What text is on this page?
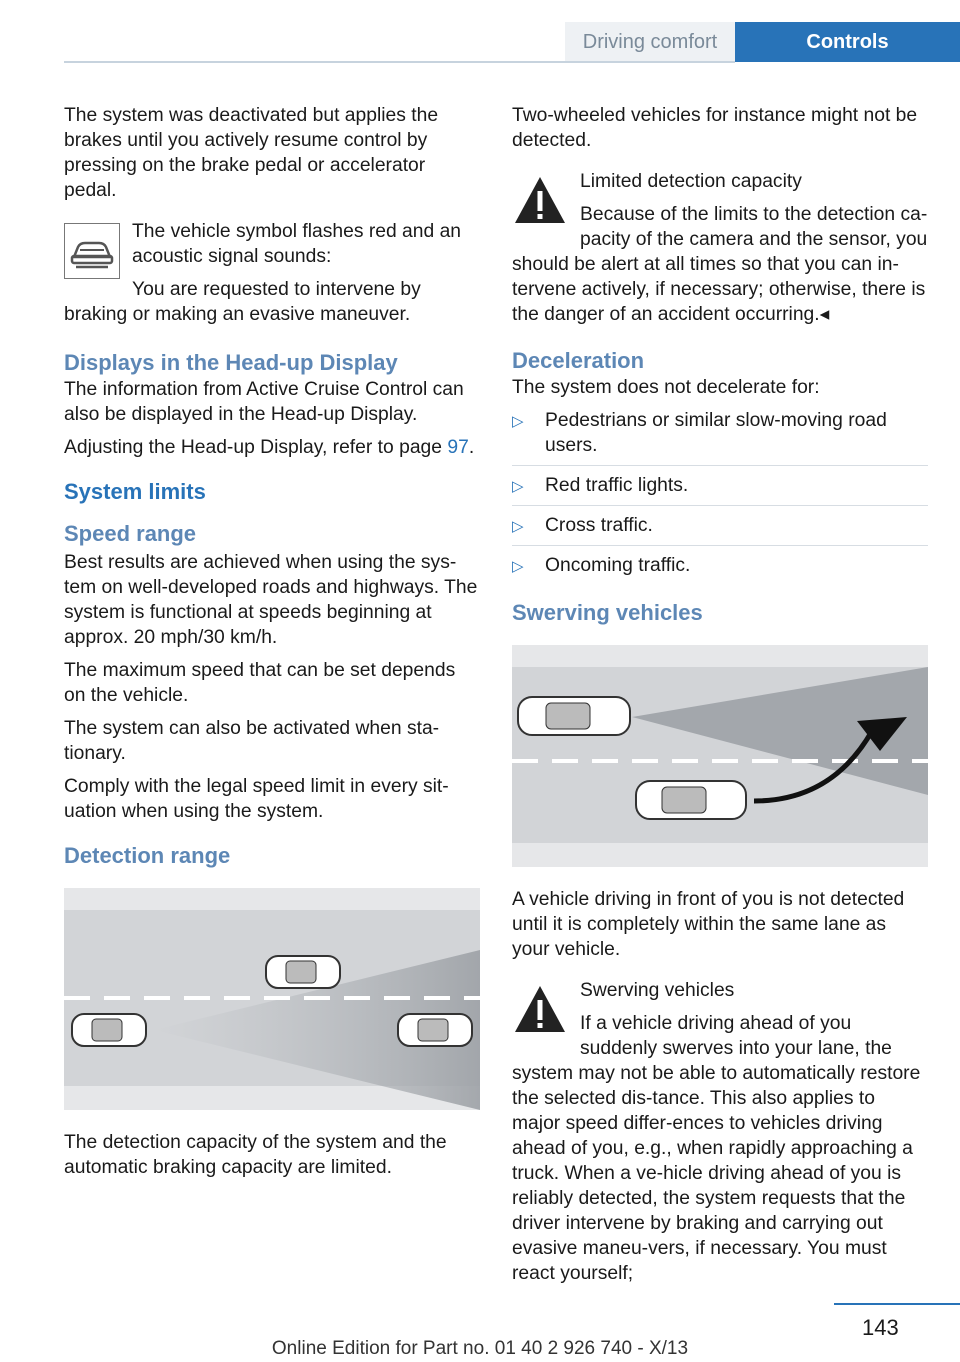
Driving comfort	Controls

The system was deactivated but applies the brakes until you actively resume control by pressing on the brake pedal or accelerator pedal.

The vehicle symbol flashes red and an acoustic signal sounds:

You are requested to intervene by braking or making an evasive maneuver.

Displays in the Head-up Display

The information from Active Cruise Control can also be displayed in the Head-up Display.

Adjusting the Head-up Display, refer to page 97.

System limits
Speed range

Best results are achieved when using the sys‐tem on well-developed roads and highways. The system is functional at speeds beginning at approx. 20 mph/30 km/h.

The maximum speed that can be set depends on the vehicle.

The system can also be activated when sta‐tionary.

Comply with the legal speed limit in every sit‐uation when using the system.

Detection range

The detection capacity of the system and the automatic braking capacity are limited.

Two-wheeled vehicles for instance might not be detected.

Limited detection capacity

Because of the limits to the detection ca‐pacity of the camera and the sensor, you should be alert at all times so that you can in‐tervene actively, if necessary; otherwise, there is the danger of an accident occurring.◂

Deceleration

The system does not decelerate for:

▷ Pedestrians or similar slow-moving road users.
▷ Red traffic lights.
▷ Cross traffic.
▷ Oncoming traffic.
Swerving vehicles

A vehicle driving in front of you is not detected until it is completely within the same lane as your vehicle.

Swerving vehicles

If a vehicle driving ahead of you suddenly swerves into your lane, the system may not be able to automatically restore the selected dis‐tance. This also applies to major speed differ‐ences to vehicles driving ahead of you, e.g., when rapidly approaching a truck. When a ve‐hicle driving ahead of you is reliably detected, the system requests that the driver intervene by braking and carrying out evasive maneu‐vers, if necessary. You must react yourself;

143
Online Edition for Part no. 01 40 2 926 740 - X/13
